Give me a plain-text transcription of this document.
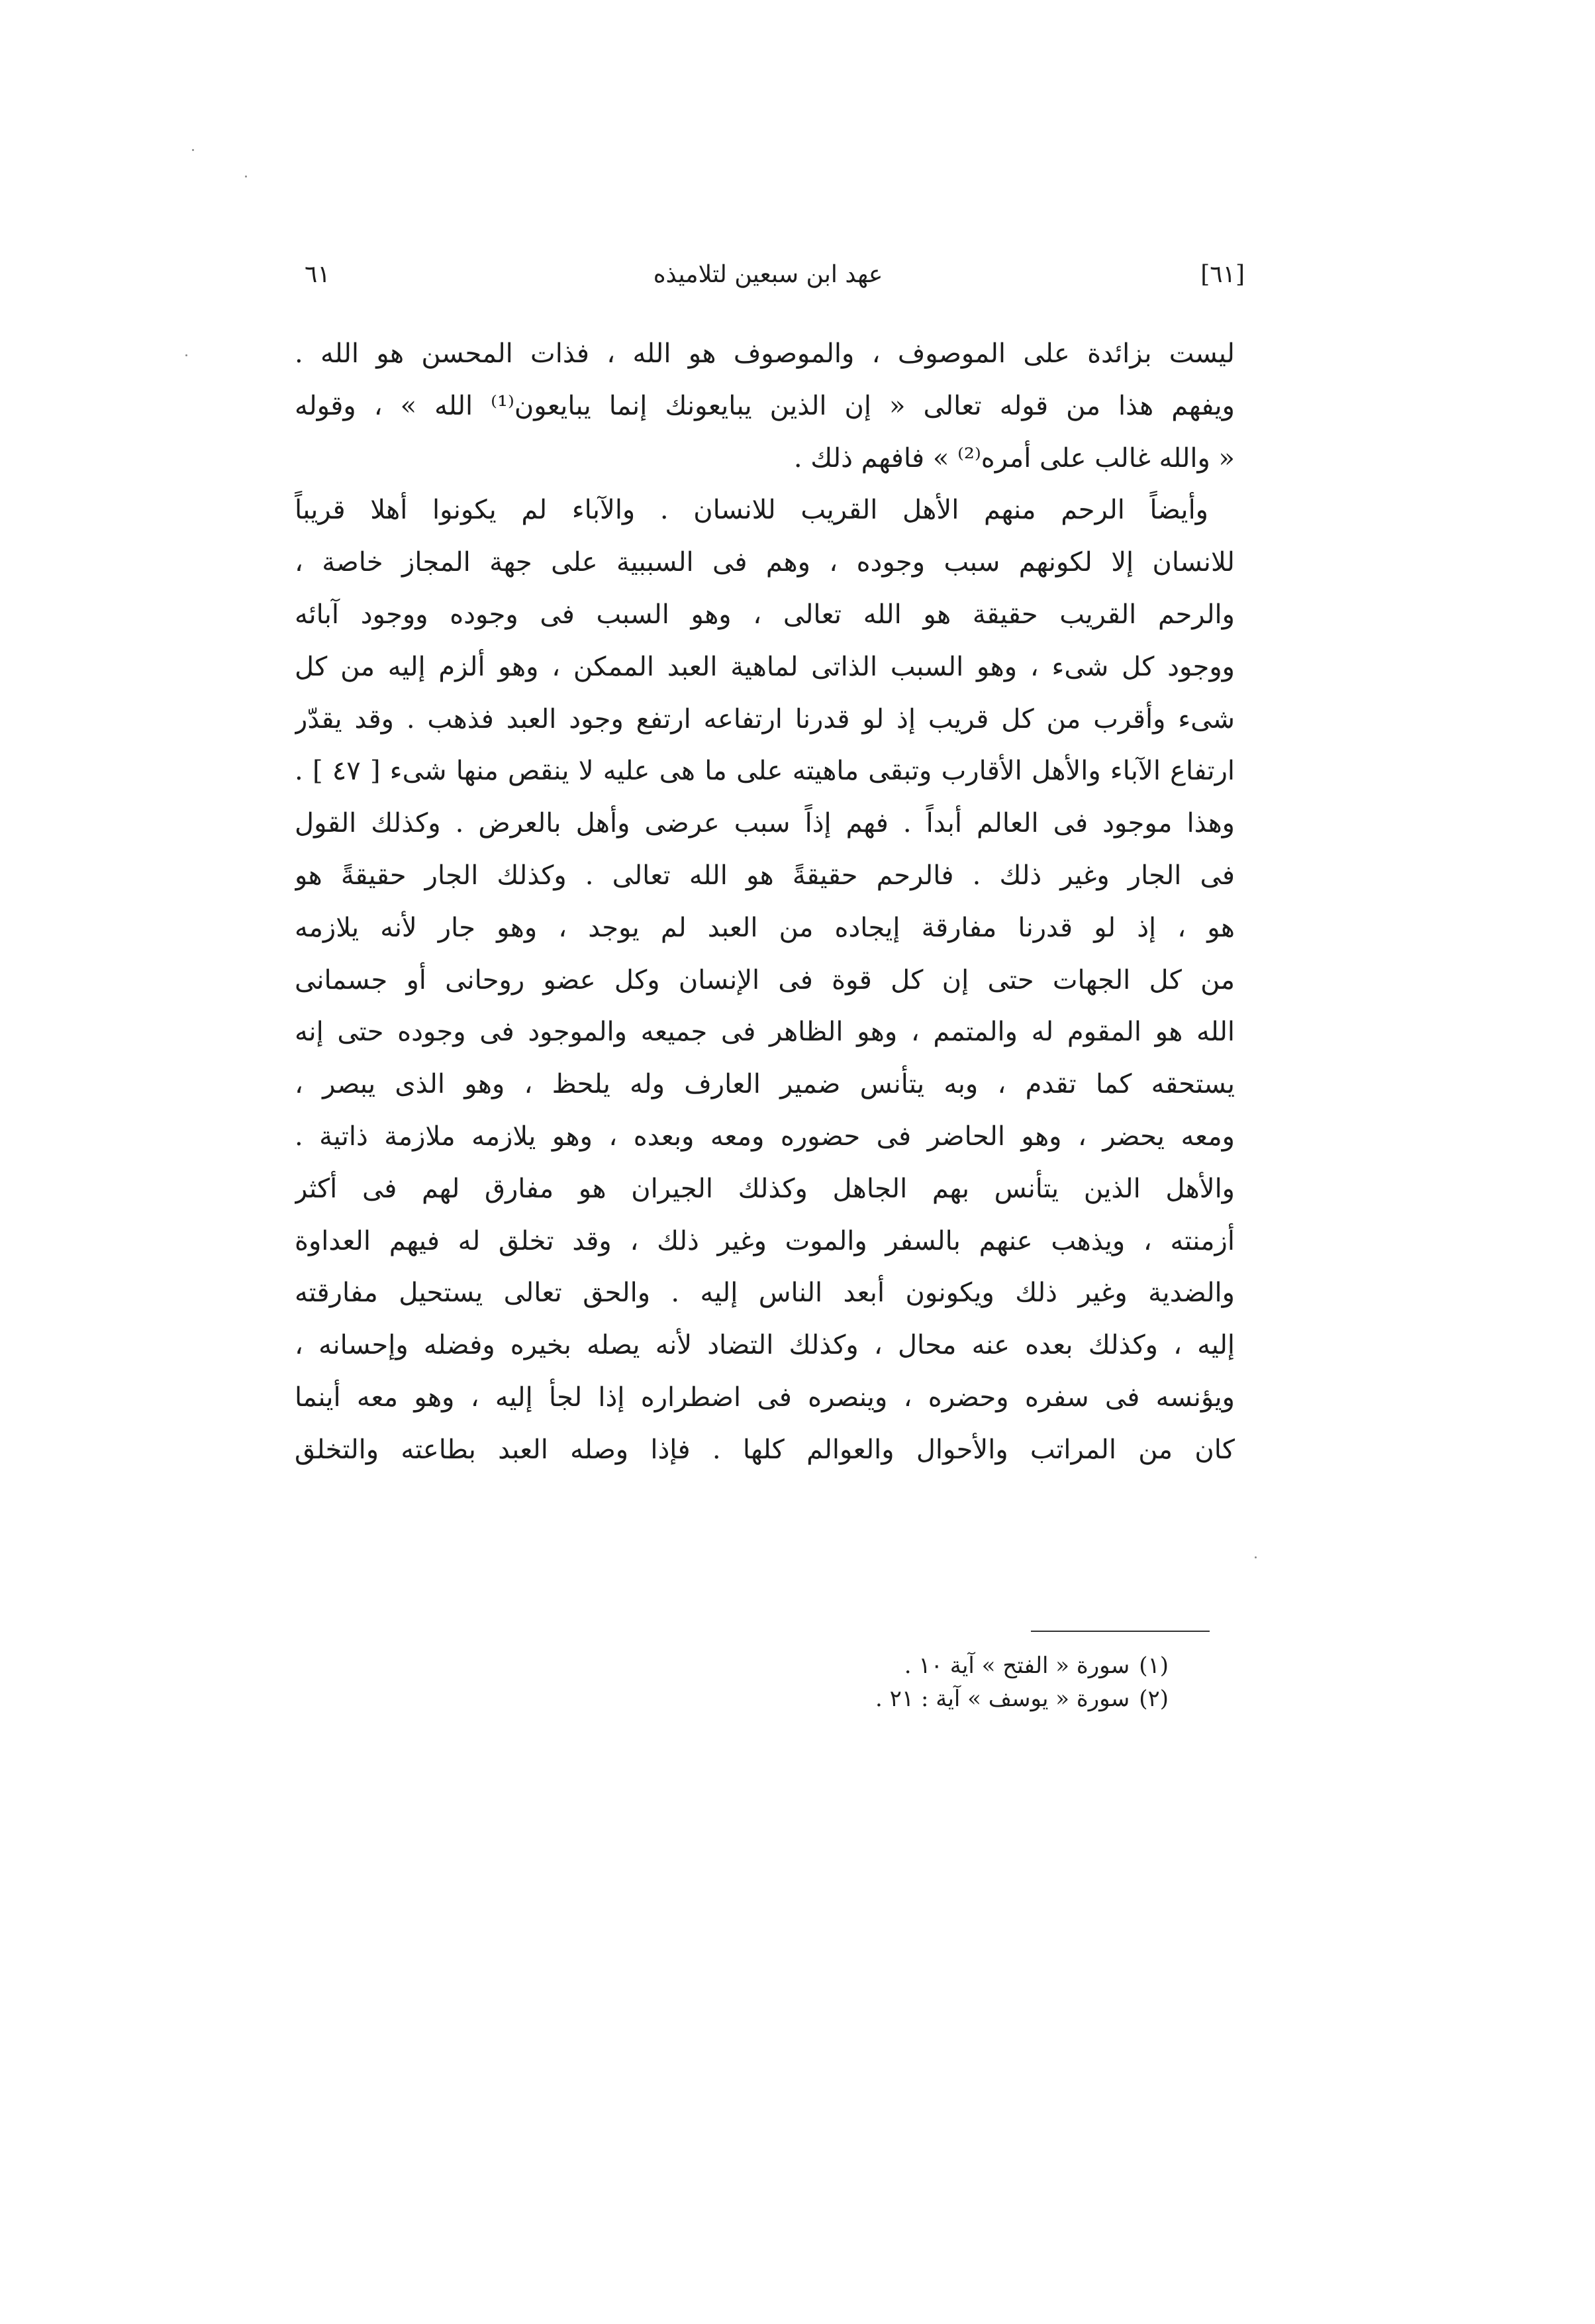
٦١	عهد ابن سبعين لتلاميذه	[٦١]
ليست بزائدة على الموصوف ، والموصوف هو الله ، فذات المحسن هو الله .
ويفهم هذا من قوله تعالى « إن الذين يبايعونك إنما يبايعون⁽¹⁾ الله » ، وقوله
« والله غالب على أمره⁽²⁾ » فافهم ذلك .
وأيضاً الرحم منهم الأهل القريب للانسان . والآباء لم يكونوا أهلا قريباً
للانسان إلا لكونهم سبب وجوده ، وهم فى السببية على جهة المجاز خاصة ،
والرحم القريب حقيقة هو الله تعالى ، وهو السبب فى وجوده ووجود آبائه
ووجود كل شىء ، وهو السبب الذاتى لماهية العبد الممكن ، وهو ألزم إليه من كل
شىء وأقرب من كل قريب إذ لو قدرنا ارتفاعه ارتفع وجود العبد فذهب . وقد يقدّر
ارتفاع الآباء والأهل الأقارب وتبقى ماهيته على ما هى عليه لا ينقص منها شىء [ ٤٧ ] .
وهذا موجود فى العالم أبداً . فهم إذاً سبب عرضى وأهل بالعرض . وكذلك القول
فى الجار وغير ذلك . فالرحم حقيقةً هو الله تعالى . وكذلك الجار حقيقةً هو
هو ، إذ لو قدرنا مفارقة إيجاده من العبد لم يوجد ، وهو جار لأنه يلازمه
من كل الجهات حتى إن كل قوة فى الإنسان وكل عضو روحانى أو جسمانى
الله هو المقوم له والمتمم ، وهو الظاهر فى جميعه والموجود فى وجوده حتى إنه
يستحقه كما تقدم ، وبه يتأنس ضمير العارف وله يلحظ ، وهو الذى يبصر ،
ومعه يحضر ، وهو الحاضر فى حضوره ومعه وبعده ، وهو يلازمه ملازمة ذاتية .
والأهل الذين يتأنس بهم الجاهل وكذلك الجيران هو مفارق لهم فى أكثر
أزمنته ، ويذهب عنهم بالسفر والموت وغير ذلك ، وقد تخلق له فيهم العداوة
والضدية وغير ذلك ويكونون أبعد الناس إليه . والحق تعالى يستحيل مفارقته
إليه ، وكذلك بعده عنه محال ، وكذلك التضاد لأنه يصله بخيره وفضله وإحسانه ،
ويؤنسه فى سفره وحضره ، وينصره فى اضطراره إذا لجأ إليه ، وهو معه أينما
كان من المراتب والأحوال والعوالم كلها . فإذا وصله العبد بطاعته والتخلق
(١)سورة « الفتح » آية ١٠ .
(٢)سورة « يوسف » آية : ٢١ .
